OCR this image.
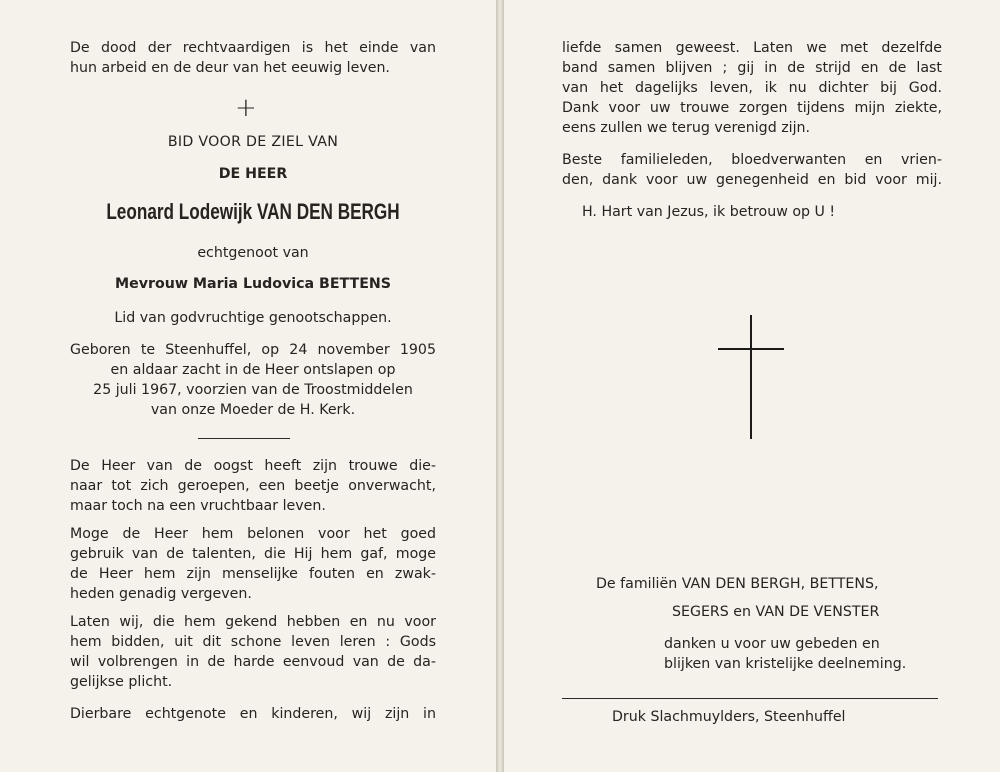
De dood der rechtvaardigen is het einde van

hun arbeid en de deur van het eeuwig leven.

+

BID VOOR DE ZIEL VAN

DE HEER

Leonard Lodewijk VAN DEN BERGH

echtgenoot van

Mevrouw Maria Ludovica BETTENS

Lid van godvruchtige genootschappen.

Geboren te Steenhuffel, op 24 november 1905

en aldaar zacht in de Heer ontslapen op

25 juli 1967, voorzien van de Troostmiddelen

van onze Moeder de H. Kerk.

De Heer van de oogst heeft zijn trouwe die-

naar tot zich geroepen, een beetje onverwacht,

maar toch na een vruchtbaar leven.

Moge de Heer hem belonen voor het goed

gebruik van de talenten, die Hij hem gaf, moge

de Heer hem zijn menselijke fouten en zwak-

heden genadig vergeven.

Laten wij, die hem gekend hebben en nu voor

hem bidden, uit dit schone leven leren : Gods

wil volbrengen in de harde eenvoud van de da-

gelijkse plicht.

Dierbare echtgenote en kinderen, wij zijn in

liefde samen geweest. Laten we met dezelfde

band samen blijven ; gij in de strijd en de last

van het dagelijks leven, ik nu dichter bij God.

Dank voor uw trouwe zorgen tijdens mijn ziekte,

eens zullen we terug verenigd zijn.

Beste familieleden, bloedverwanten en vrien-

den, dank voor uw genegenheid en bid voor mij.

H. Hart van Jezus, ik betrouw op U !

De familiën VAN DEN BERGH, BETTENS,

SEGERS en VAN DE VENSTER

danken u voor uw gebeden en

blijken van kristelijke deelneming.

Druk Slachmuylders, Steenhuffel
